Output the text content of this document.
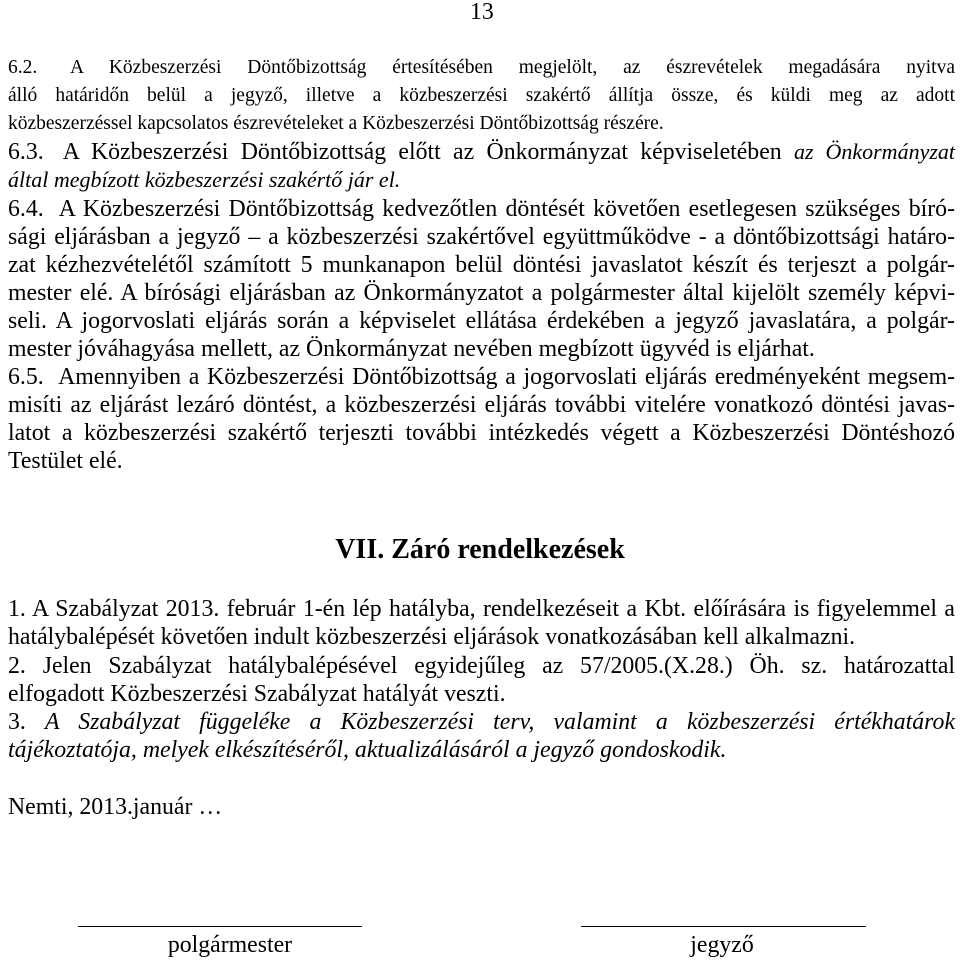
13
6.2. A Közbeszerzési Döntőbizottság értesítésében megjelölt, az észrevételek megadására nyitva
álló határidőn belül a jegyző, illetve a közbeszerzési szakértő állítja össze, és küldi meg az adott
közbeszerzéssel kapcsolatos észrevételeket a Közbeszerzési Döntőbizottság részére.
6.3. A Közbeszerzési Döntőbizottság előtt az Önkormányzat képviseletében az Önkormányzat
által megbízott közbeszerzési szakértő jár el.
6.4. A Közbeszerzési Döntőbizottság kedvezőtlen döntését követően esetlegesen szükséges bíró-
sági eljárásban a jegyző – a közbeszerzési szakértővel együttműködve - a döntőbizottsági határo-
zat kézhezvételétől számított 5 munkanapon belül döntési javaslatot készít és terjeszt a polgár-
mester elé. A bírósági eljárásban az Önkormányzatot a polgármester által kijelölt személy képvi-
seli. A jogorvoslati eljárás során a képviselet ellátása érdekében a jegyző javaslatára, a polgár-
mester jóváhagyása mellett, az Önkormányzat nevében megbízott ügyvéd is eljárhat.
6.5. Amennyiben a Közbeszerzési Döntőbizottság a jogorvoslati eljárás eredményeként megsem-
misíti az eljárást lezáró döntést, a közbeszerzési eljárás további vitelére vonatkozó döntési javas-
latot a közbeszerzési szakértő terjeszti további intézkedés végett a Közbeszerzési Döntéshozó
Testület elé.
VII. Záró rendelkezések
1. A Szabályzat 2013. február 1-én lép hatályba, rendelkezéseit a Kbt. előírására is figyelemmel a
hatálybalépését követően indult közbeszerzési eljárások vonatkozásában kell alkalmazni.
2. Jelen Szabályzat hatálybalépésével egyidejűleg az 57/2005.(X.28.) Öh. sz. határozattal
elfogadott Közbeszerzési Szabályzat hatályát veszti.
3. A Szabályzat függeléke a Közbeszerzési terv, valamint a közbeszerzési értékhatárok
tájékoztatója, melyek elkészítéséről, aktualizálásáról a jegyző gondoskodik.
Nemti, 2013.január …
polgármester	jegyző
